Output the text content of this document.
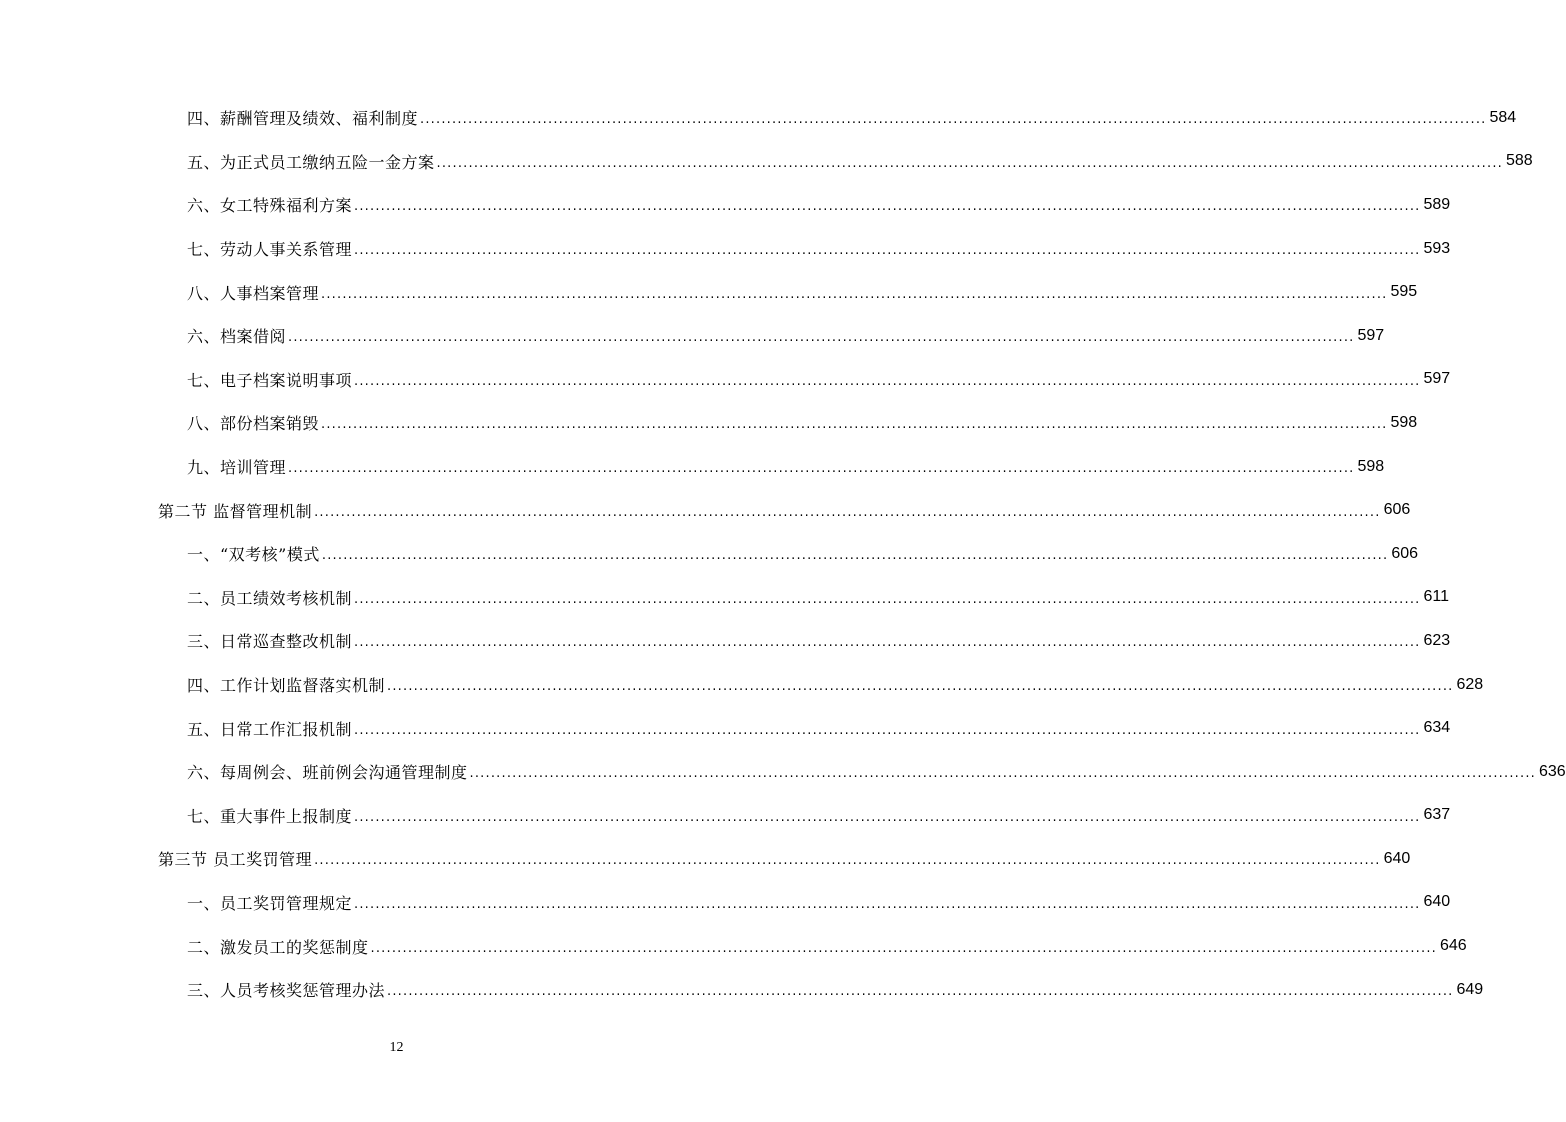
四、薪酬管理及绩效、福利制度 ........................................................................................................................................................................................................ 584
五、为正式员工缴纳五险一金方案 ........................................................................................................................................................................................................ 588
六、女工特殊福利方案 ........................................................................................................................................................................................................ 589
七、劳动人事关系管理 ........................................................................................................................................................................................................ 593
八、人事档案管理 ........................................................................................................................................................................................................ 595
六、档案借阅 ........................................................................................................................................................................................................ 597
七、电子档案说明事项 ........................................................................................................................................................................................................ 597
八、部份档案销毁 ........................................................................................................................................................................................................ 598
九、培训管理 ........................................................................................................................................................................................................ 598
第二节 监督管理机制 ........................................................................................................................................................................................................ 606
一、“双考核”模式 ........................................................................................................................................................................................................ 606
二、员工绩效考核机制 ........................................................................................................................................................................................................ 611
三、日常巡查整改机制 ........................................................................................................................................................................................................ 623
四、工作计划监督落实机制 ........................................................................................................................................................................................................ 628
五、日常工作汇报机制 ........................................................................................................................................................................................................ 634
六、每周例会、班前例会沟通管理制度 ........................................................................................................................................................................................................ 636
七、重大事件上报制度 ........................................................................................................................................................................................................ 637
第三节 员工奖罚管理 ........................................................................................................................................................................................................ 640
一、员工奖罚管理规定 ........................................................................................................................................................................................................ 640
二、激发员工的奖惩制度 ........................................................................................................................................................................................................ 646
三、人员考核奖惩管理办法 ........................................................................................................................................................................................................ 649
12
